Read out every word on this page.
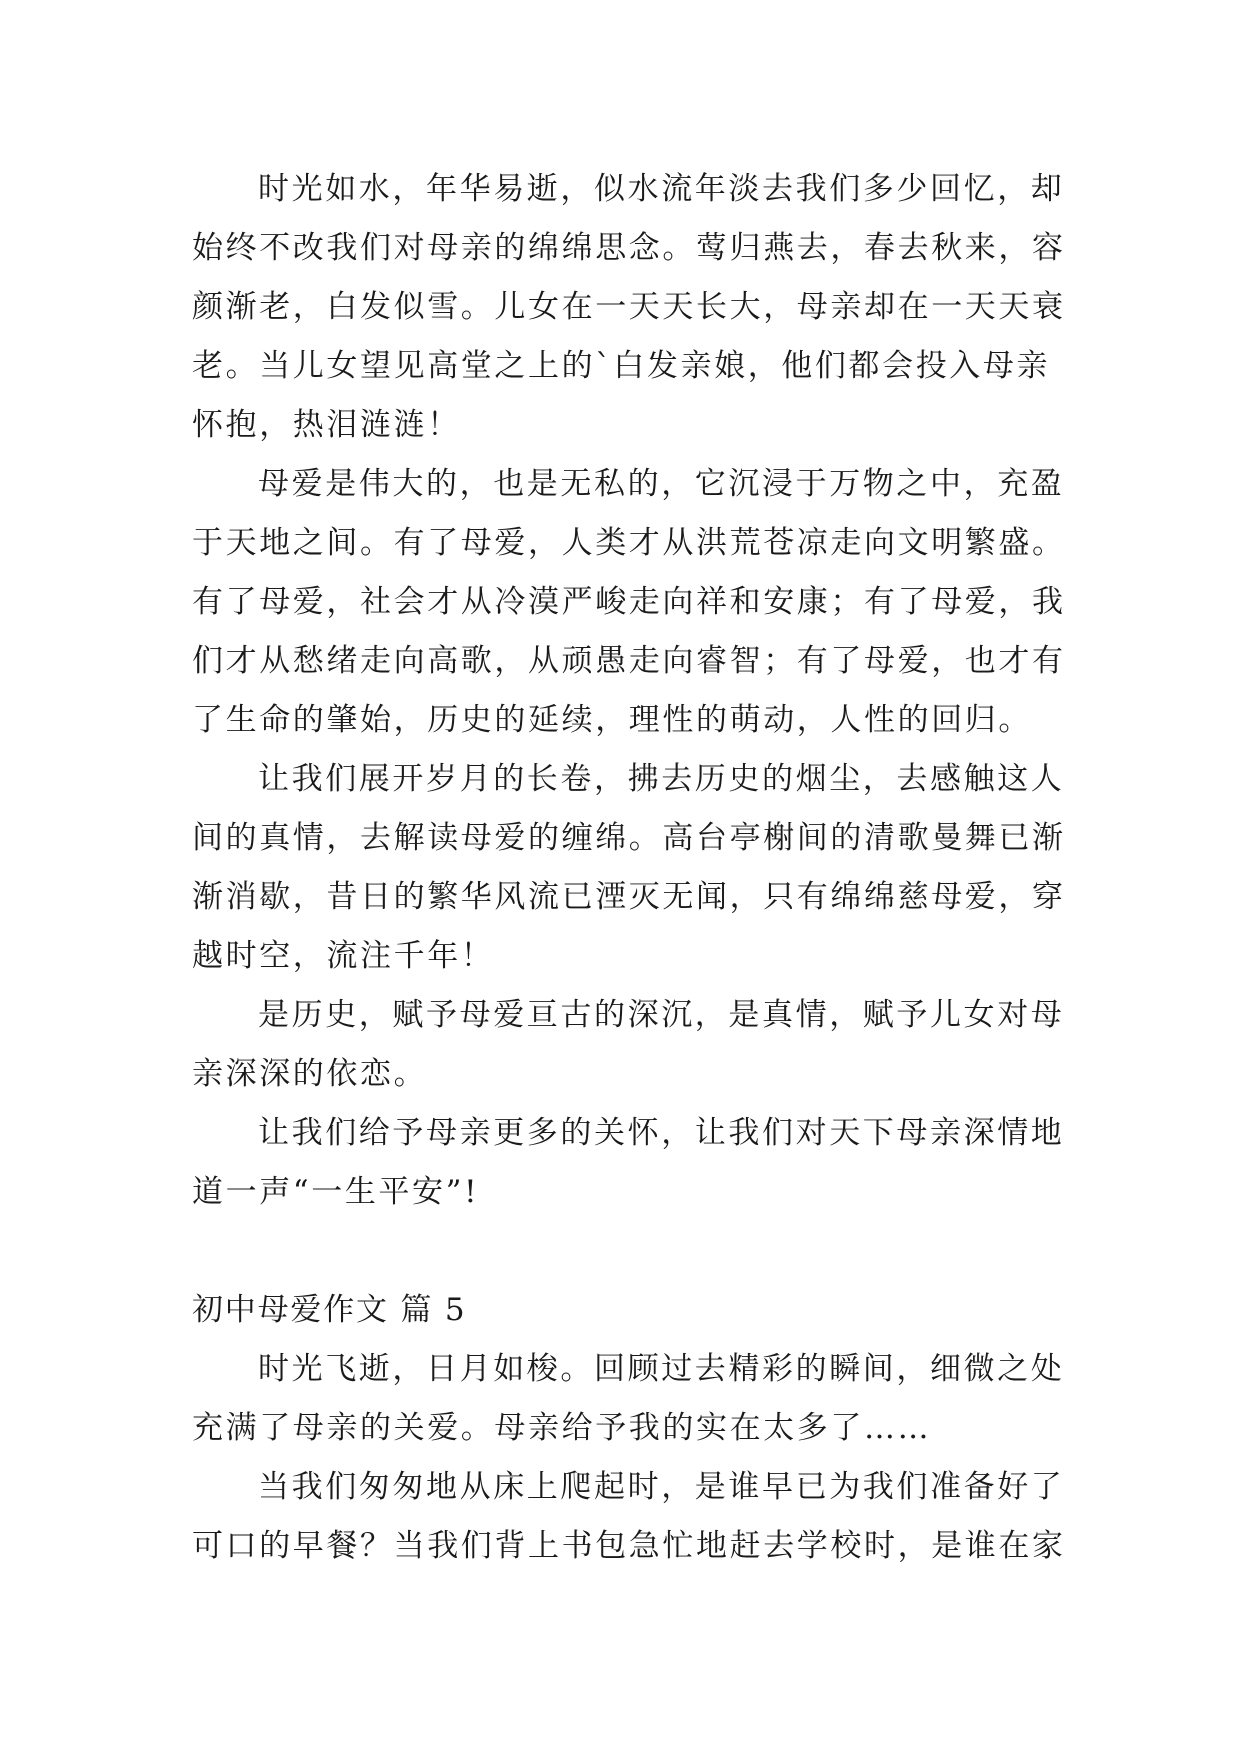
时光如水，年华易逝，似水流年淡去我们多少回忆，却
始终不改我们对母亲的绵绵思念。莺归燕去，春去秋来，容
颜渐老，白发似雪。儿女在一天天长大，母亲却在一天天衰
老。当儿女望见高堂之上的`白发亲娘，他们都会投入母亲
怀抱，热泪涟涟！
母爱是伟大的，也是无私的，它沉浸于万物之中，充盈
于天地之间。有了母爱，人类才从洪荒苍凉走向文明繁盛。
有了母爱，社会才从冷漠严峻走向祥和安康；有了母爱，我
们才从愁绪走向高歌，从顽愚走向睿智；有了母爱，也才有
了生命的肇始，历史的延续，理性的萌动，人性的回归。
让我们展开岁月的长卷，拂去历史的烟尘，去感触这人
间的真情，去解读母爱的缠绵。高台亭榭间的清歌曼舞已渐
渐消歇，昔日的繁华风流已湮灭无闻，只有绵绵慈母爱，穿
越时空，流注千年！
是历史，赋予母爱亘古的深沉，是真情，赋予儿女对母
亲深深的依恋。
让我们给予母亲更多的关怀，让我们对天下母亲深情地
道一声“一生平安”!
初中母爱作文 篇 5
时光飞逝，日月如梭。回顾过去精彩的瞬间，细微之处
充满了母亲的关爱。母亲给予我的实在太多了……
当我们匆匆地从床上爬起时，是谁早已为我们准备好了
可口的早餐？当我们背上书包急忙地赶去学校时，是谁在家
